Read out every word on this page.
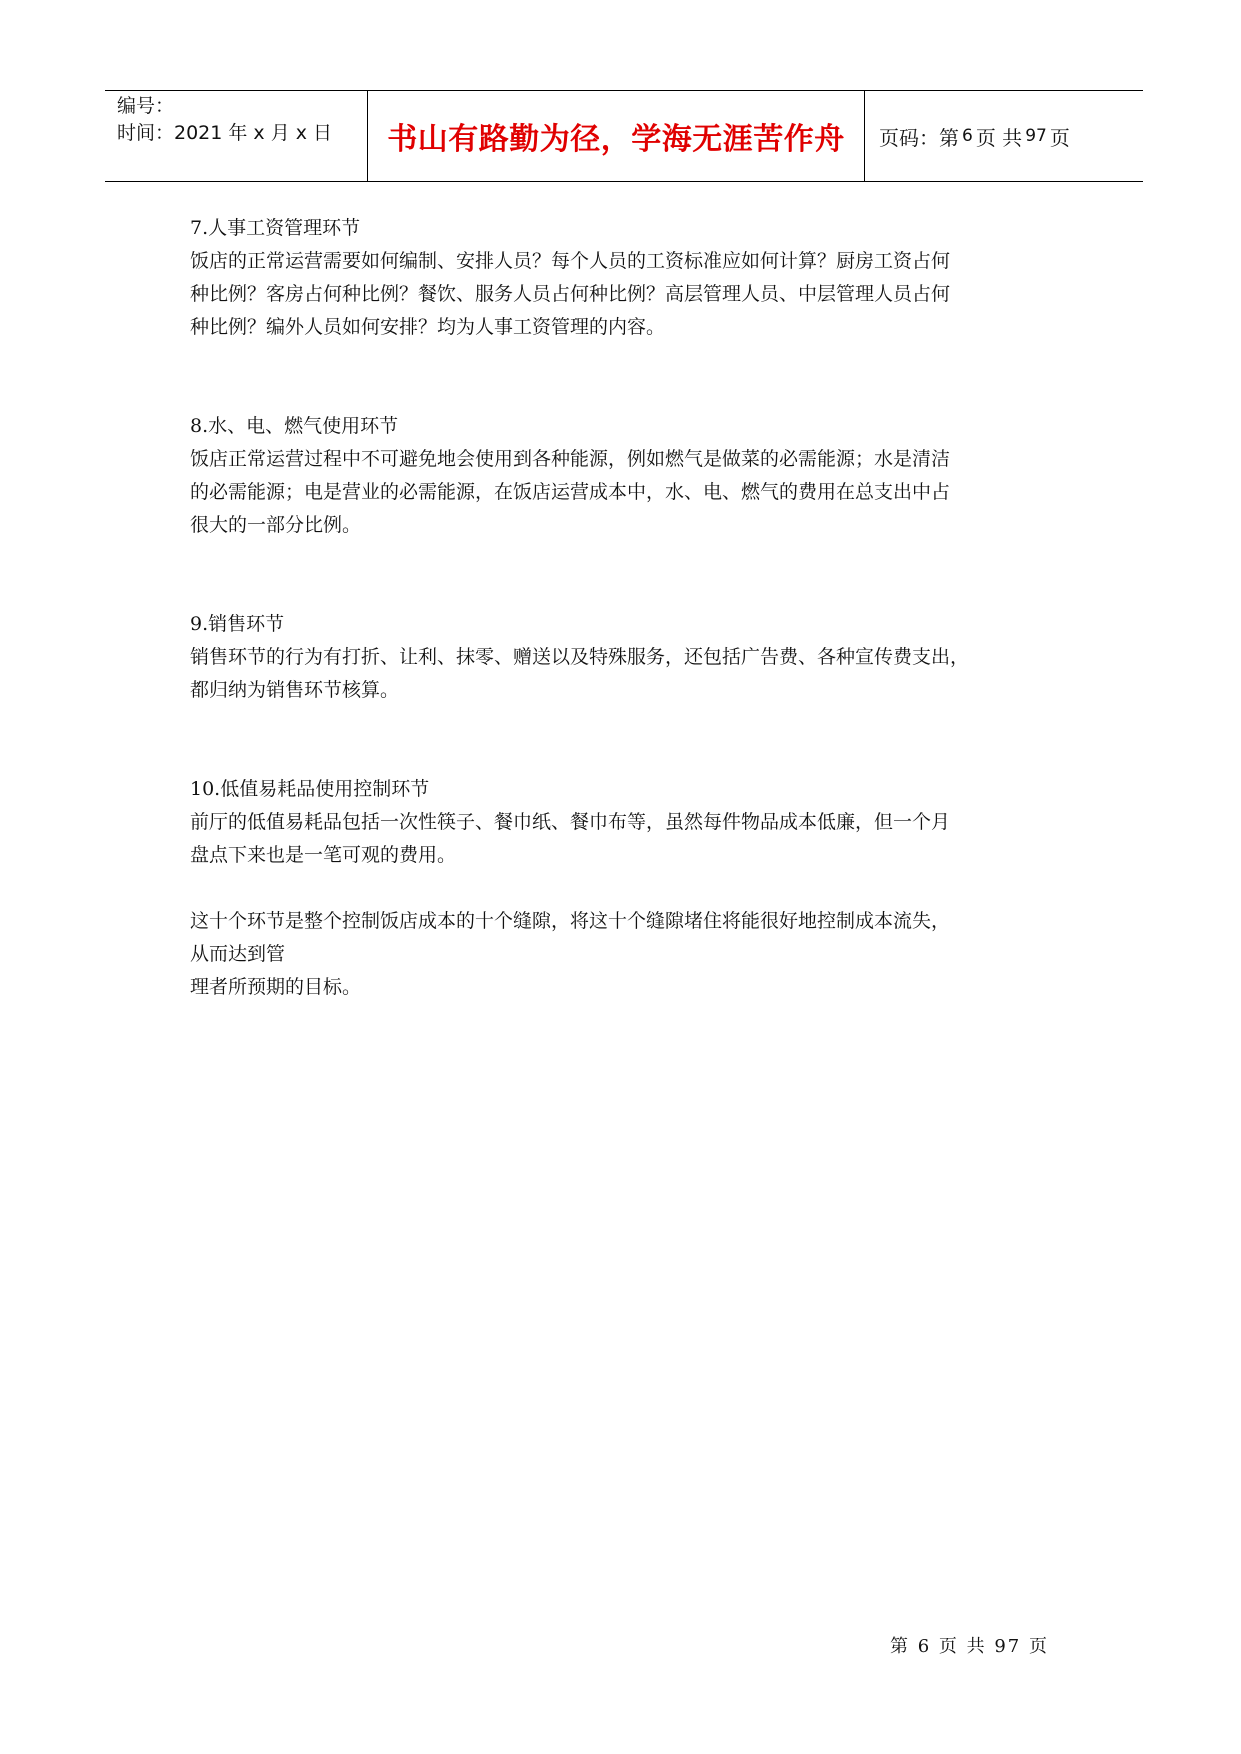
编号：
时间：2021 年 x 月 x 日	书山有路勤为径，学海无涯苦作舟	页码：第 6 页 共 97 页

7.人事工资管理环节

饭店的正常运营需要如何编制、安排人员？每个人员的工资标准应如何计算？厨房工资占何

种比例？客房占何种比例？餐饮、服务人员占何种比例？高层管理人员、中层管理人员占何

种比例？编外人员如何安排？均为人事工资管理的内容。

8.水、电、燃气使用环节

饭店正常运营过程中不可避免地会使用到各种能源，例如燃气是做菜的必需能源；水是清洁

的必需能源；电是营业的必需能源，在饭店运营成本中，水、电、燃气的费用在总支出中占

很大的一部分比例。

9.销售环节

销售环节的行为有打折、让利、抹零、赠送以及特殊服务，还包括广告费、各种宣传费支出，

都归纳为销售环节核算。

10.低值易耗品使用控制环节

前厅的低值易耗品包括一次性筷子、餐巾纸、餐巾布等，虽然每件物品成本低廉，但一个月

盘点下来也是一笔可观的费用。

这十个环节是整个控制饭店成本的十个缝隙，将这十个缝隙堵住将能很好地控制成本流失，

从而达到管

理者所预期的目标。

第 6 页 共 97 页
